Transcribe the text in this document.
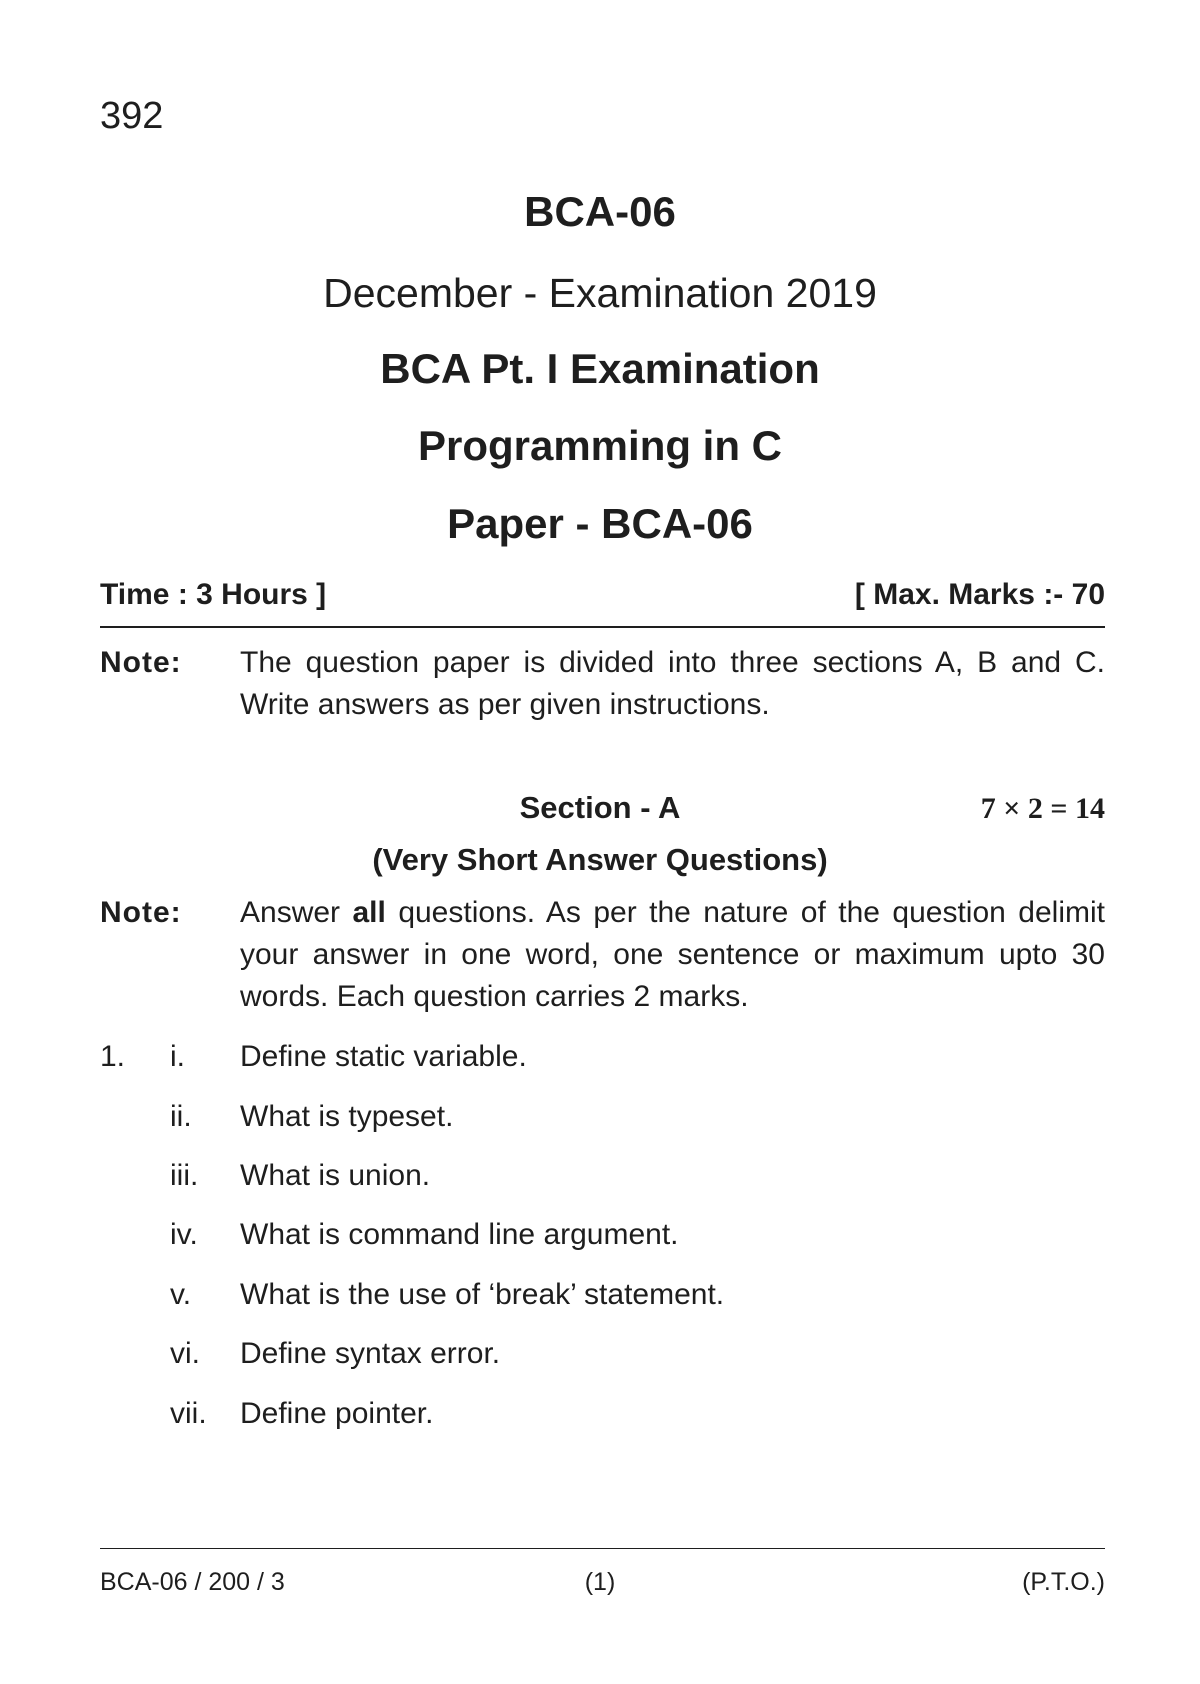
392
BCA-06
December - Examination 2019
BCA Pt. I Examination
Programming in C
Paper - BCA-06
Time : 3 Hours ]	[ Max. Marks :- 70
Note: The question paper is divided into three sections A, B and C. Write answers as per given instructions.
Section - A	7 × 2 = 14
(Very Short Answer Questions)
Note: Answer all questions. As per the nature of the question delimit your answer in one word, one sentence or maximum upto 30 words. Each question carries 2 marks.
1. i. Define static variable.
ii. What is typeset.
iii. What is union.
iv. What is command line argument.
v. What is the use of ‘break’ statement.
vi. Define syntax error.
vii. Define pointer.
BCA-06 / 200 / 3	(1)	(P.T.O.)
